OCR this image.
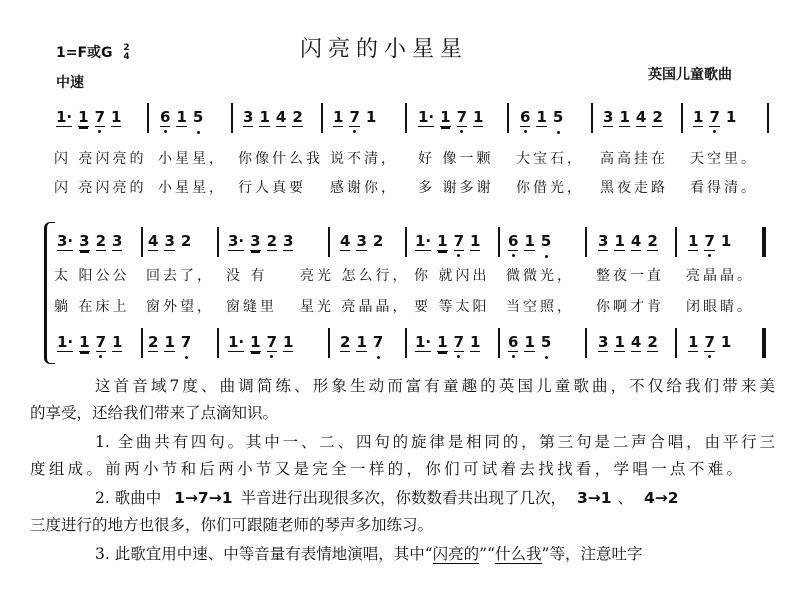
闪亮的小星星
1=F或G 2
4
中速	英国儿童歌曲
1· 1 7 1	6 1 5	3 1 4 2 1 7 1	1· 1 7 1 6 1 5	3 1 4 2 1 7 1
闪 亮闪亮的 小星星， 你像什么我 说不清， 好 像一颗 大宝石， 高高挂在 天空里。
闪 亮闪亮的 小星星， 行人真要 感谢你， 多 谢多谢 你借光， 黑夜走路 看得清。
3· 3 2 3 4 3 2 3· 3 2 3	4 3 2 1· 1 7 1 6 1 5	3 1 4 2 1 7 1
1· 1 7 1 2 1 7 1· 1 7 1	2 1 7 1· 1 7 1 6 1 5	3 1 4 2 1 7 1
太 阳公公 回去了， 没 有 亮光 怎么行， 你 就闪出 微微光， 整夜一直 亮晶晶。
躺 在床上 窗外望， 窗缝里 星光 亮晶晶， 要 等太阳 当空照， 你啊才肯 闭眼睛。
这首音域7度、曲调简练、形象生动而富有童趣的英国儿童歌曲，不仅给我们带来美
的享受，还给我们带来了点滴知识。
1. 全曲共有四句。其中一、二、四句的旋律是相同的，第三句是二声合唱，由平行三
度组成。前两小节和后两小节又是完全一样的，你们可试着去找找看，学唱一点不难。
2. 歌曲中 1→7→1 半音进行出现很多次，你数数看共出现了几次， 3→1 、 4→2
三度进行的地方也很多，你们可跟随老师的琴声多加练习。
3. 此歌宜用中速、中等音量有表情地演唱，其中“闪亮的”“什么我”等，注意吐字
